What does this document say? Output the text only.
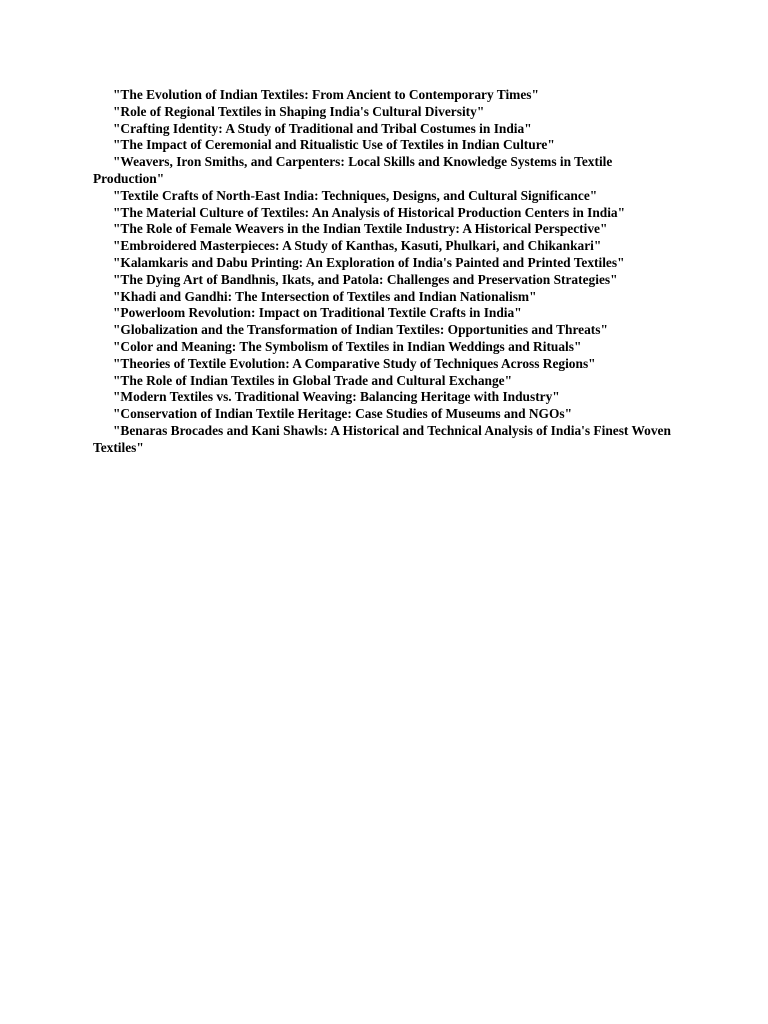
"The Evolution of Indian Textiles: From Ancient to Contemporary Times"

"Role of Regional Textiles in Shaping India's Cultural Diversity"

"Crafting Identity: A Study of Traditional and Tribal Costumes in India"

"The Impact of Ceremonial and Ritualistic Use of Textiles in Indian Culture"

"Weavers, Iron Smiths, and Carpenters: Local Skills and Knowledge Systems in Textile Production"

"Textile Crafts of North-East India: Techniques, Designs, and Cultural Significance"

"The Material Culture of Textiles: An Analysis of Historical Production Centers in India"

"The Role of Female Weavers in the Indian Textile Industry: A Historical Perspective"

"Embroidered Masterpieces: A Study of Kanthas, Kasuti, Phulkari, and Chikankari"

"Kalamkaris and Dabu Printing: An Exploration of India's Painted and Printed Textiles"

"The Dying Art of Bandhnis, Ikats, and Patola: Challenges and Preservation Strategies"

"Khadi and Gandhi: The Intersection of Textiles and Indian Nationalism"

"Powerloom Revolution: Impact on Traditional Textile Crafts in India"

"Globalization and the Transformation of Indian Textiles: Opportunities and Threats"

"Color and Meaning: The Symbolism of Textiles in Indian Weddings and Rituals"

"Theories of Textile Evolution: A Comparative Study of Techniques Across Regions"

"The Role of Indian Textiles in Global Trade and Cultural Exchange"

"Modern Textiles vs. Traditional Weaving: Balancing Heritage with Industry"

"Conservation of Indian Textile Heritage: Case Studies of Museums and NGOs"

"Benaras Brocades and Kani Shawls: A Historical and Technical Analysis of India's Finest Woven Textiles"
